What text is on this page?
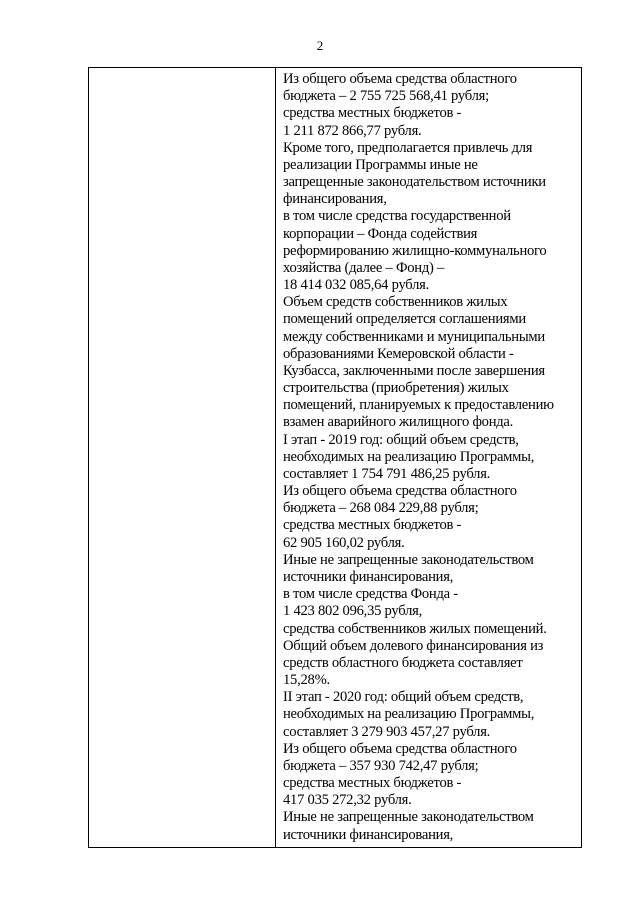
2

Из общего объема средства областного
бюджета – 2 755 725 568,41 рубля;
средства местных бюджетов -
1 211 872 866,77 рубля.
Кроме того, предполагается привлечь для
реализации Программы иные не
запрещенные законодательством источники
финансирования,
в том числе средства государственной
корпорации – Фонда содействия
реформированию жилищно-коммунального
хозяйства (далее – Фонд) –
18 414 032 085,64 рубля.
Объем средств собственников жилых
помещений определяется соглашениями
между собственниками и муниципальными
образованиями Кемеровской области -
Кузбасса, заключенными после завершения
строительства (приобретения) жилых
помещений, планируемых к предоставлению
взамен аварийного жилищного фонда.
I этап - 2019 год: общий объем средств,
необходимых на реализацию Программы,
составляет 1 754 791 486,25 рубля.
Из общего объема средства областного
бюджета – 268 084 229,88 рубля;
средства местных бюджетов -
62 905 160,02 рубля.
Иные не запрещенные законодательством
источники финансирования,
в том числе средства Фонда -
1 423 802 096,35 рубля,
средства собственников жилых помещений.
Общий объем долевого финансирования из
средств областного бюджета составляет
15,28%.
II этап - 2020 год: общий объем средств,
необходимых на реализацию Программы,
составляет 3 279 903 457,27 рубля.
Из общего объема средства областного
бюджета – 357 930 742,47 рубля;
средства местных бюджетов -
417 035 272,32 рубля.
Иные не запрещенные законодательством
источники финансирования,
